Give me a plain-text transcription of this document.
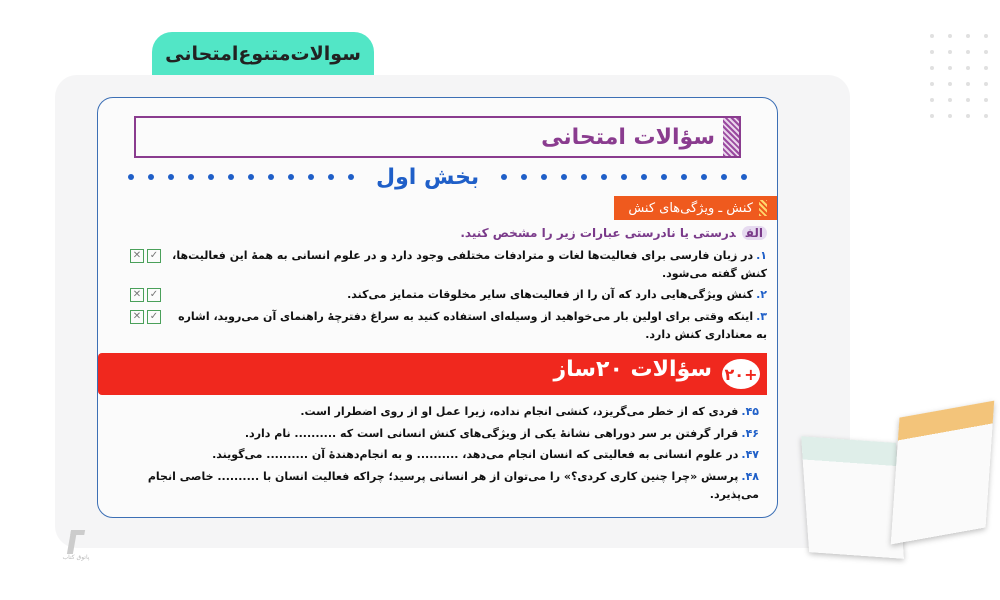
سوالات‌متنوع‌امتحانی
سؤالات امتحانی
بخش اول
کنش ـ ویژگی‌های کنش
الفدرستی یا نادرستی عبارات زیر را مشخص کنید.
۱.در زبان فارسی برای فعالیت‌ها لغات و مترادفات مختلفی وجود دارد و در علوم انسانی به همهٔ این فعالیت‌ها، کنش گفته می‌شود.
✓
✕
۲.کنش ویژگی‌هایی دارد که آن را از فعالیت‌های سایر مخلوقات متمایز می‌کند.
✓
✕
۳.اینکه وقتی برای اولین بار می‌خواهید از وسیله‌ای استفاده کنید به سراغ دفترچهٔ راهنمای آن می‌روید، اشاره به معناداری کنش دارد.
✓
✕
+۲۰
سؤالات ۲۰ساز
۴۵.فردی که از خطر می‌گریزد، کنشی انجام نداده، زیرا عمل او از روی اضطرار است.
۴۶.قرار گرفتن بر سر دوراهی نشانهٔ یکی از ویژگی‌های کنش انسانی است که .......... نام دارد.
۴۷.در علوم انسانی به فعالیتی که انسان انجام می‌دهد، .......... و به انجام‌دهندهٔ آن .......... می‌گویند.
۴۸.پرسش «چرا چنین کاری کردی؟» را می‌توان از هر انسانی پرسید؛ چراکه فعالیت انسان با .......... خاصی انجام می‌پذیرد.
پاتوق کتاب
